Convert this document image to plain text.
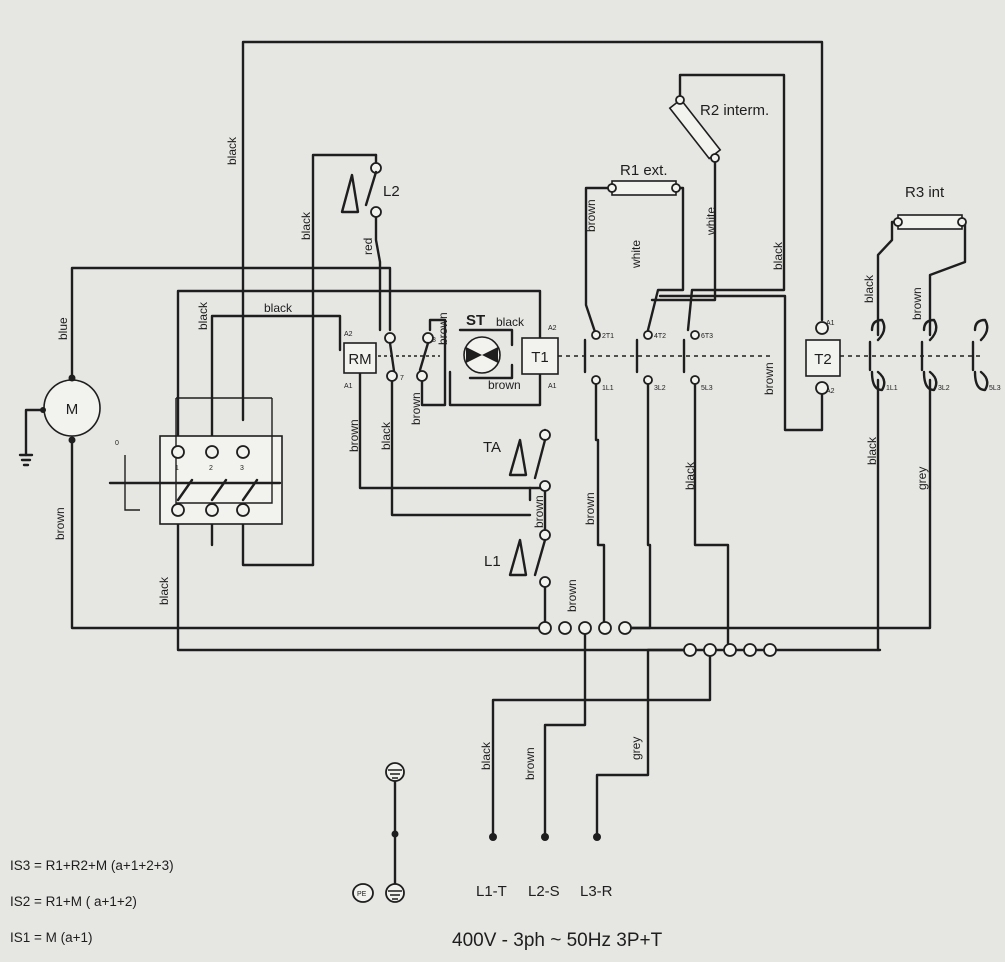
M
0
1	2	3
L2
RM
A2
A1
7
8
ST
T1
A2
A1
2T1	4T2	6T3
1L1	3L2	5L3
TA
L1
R1 ext.
R2 interm.
R3 int
T2
A1
A2	1L1	3L2	5L3
black
blue
brown
black
black	black
black
red
brown
brown black
brown
black
brown
brown
brown
brown
white
white
black
brown
brown
black
black	brown
black
grey
black	brown	grey
L1-T L2-S L3-R
PE
400V - 3ph ~ 50Hz 3P+T
IS3 = R1+R2+M (a+1+2+3)
IS2 = R1+M ( a+1+2)
IS1 = M (a+1)
